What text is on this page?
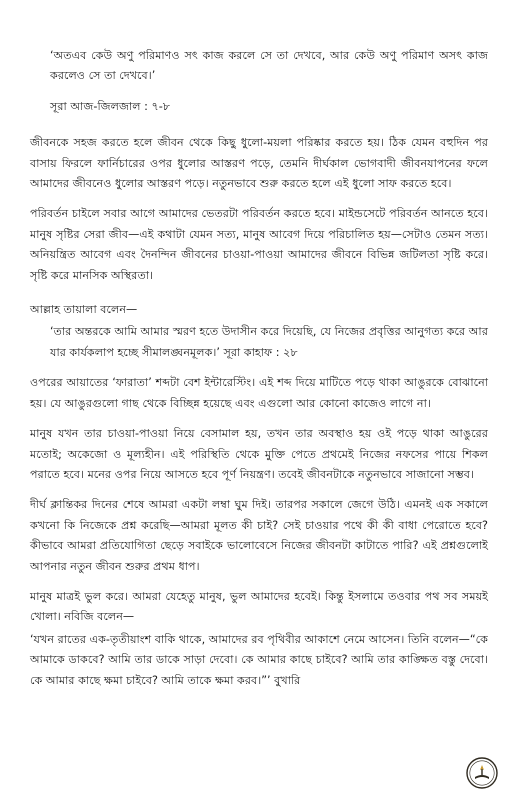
‘অতএব কেউ অণু পরিমাণও সৎ কাজ করলে সে তা দেখবে, আর কেউ অণু পরিমাণ অসৎ কাজ করলেও সে তা দেখবে।’

সূরা আজ-জিলজাল : ৭-৮

জীবনকে সহজ করতে হলে জীবন থেকে কিছু ধুলো-ময়লা পরিষ্কার করতে হয়। ঠিক যেমন বহুদিন পর বাসায় ফিরলে ফার্নিচারের ওপর ধুলোর আস্তরণ পড়ে, তেমনি দীর্ঘকাল ভোগবাদী জীবনযাপনের ফলে আমাদের জীবনেও ধুলোর আস্তরণ পড়ে। নতুনভাবে শুরু করতে হলে এই ধুলো সাফ করতে হবে।

পরিবর্তন চাইলে সবার আগে আমাদের ভেতরটা পরিবর্তন করতে হবে। মাইন্ডসেটে পরিবর্তন আনতে হবে। মানুষ সৃষ্টির সেরা জীব—এই কথাটা যেমন সত্য, মানুষ আবেগ দিয়ে পরিচালিত হয়—সেটাও তেমন সত্য। অনিয়ন্ত্রিত আবেগ এবং দৈনন্দিন জীবনের চাওয়া-পাওয়া আমাদের জীবনে বিভিন্ন জটিলতা সৃষ্টি করে। সৃষ্টি করে মানসিক অস্থিরতা।

আল্লাহ তায়ালা বলেন—

‘তার অন্তরকে আমি আমার স্মরণ হতে উদাসীন করে দিয়েছি, যে নিজের প্রবৃত্তির আনুগত্য করে আর যার কার্যকলাপ হচ্ছে সীমালঙ্ঘনমূলক।’ সূরা কাহাফ : ২৮

ওপরের আয়াতের ‘ফারাতা’ শব্দটা বেশ ইন্টারেস্টিং। এই শব্দ দিয়ে মাটিতে পড়ে থাকা আঙুরকে বোঝানো হয়। যে আঙুরগুলো গাছ থেকে বিচ্ছিন্ন হয়েছে এবং এগুলো আর কোনো কাজেও লাগে না।

মানুষ যখন তার চাওয়া-পাওয়া নিয়ে বেসামাল হয়, তখন তার অবস্থাও হয় ওই পড়ে থাকা আঙুরের মতোই; অকেজো ও মূল্যহীন। এই পরিস্থিতি থেকে মুক্তি পেতে প্রথমেই নিজের নফসের পায়ে শিকল পরাতে হবে। মনের ওপর নিয়ে আসতে হবে পূর্ণ নিয়ন্ত্রণ। তবেই জীবনটাকে নতুনভাবে সাজানো সম্ভব।

দীর্ঘ ক্লান্তিকর দিনের শেষে আমরা একটা লম্বা ঘুম দিই। তারপর সকালে জেগে উঠি। এমনই এক সকালে কখনো কি নিজেকে প্রশ্ন করেছি—আমরা মূলত কী চাই? সেই চাওয়ার পথে কী কী বাধা পেরোতে হবে? কীভাবে আমরা প্রতিযোগিতা ছেড়ে সবাইকে ভালোবেসে নিজের জীবনটা কাটাতে পারি? এই প্রশ্নগুলোই আপনার নতুন জীবন শুরুর প্রথম ধাপ।

মানুষ মাত্রই ভুল করে। আমরা যেহেতু মানুষ, ভুল আমাদের হবেই। কিন্তু ইসলামে তওবার পথ সব সময়ই খোলা। নবিজি বলেন—

‘যখন রাতের এক-তৃতীয়াংশ বাকি থাকে, আমাদের রব পৃথিবীর আকাশে নেমে আসেন। তিনি বলেন—“কে আমাকে ডাকবে? আমি তার ডাকে সাড়া দেবো। কে আমার কাছে চাইবে? আমি তার কাঙ্ক্ষিত বস্তু দেবো। কে আমার কাছে ক্ষমা চাইবে? আমি তাকে ক্ষমা করব।”’ বুখারি
